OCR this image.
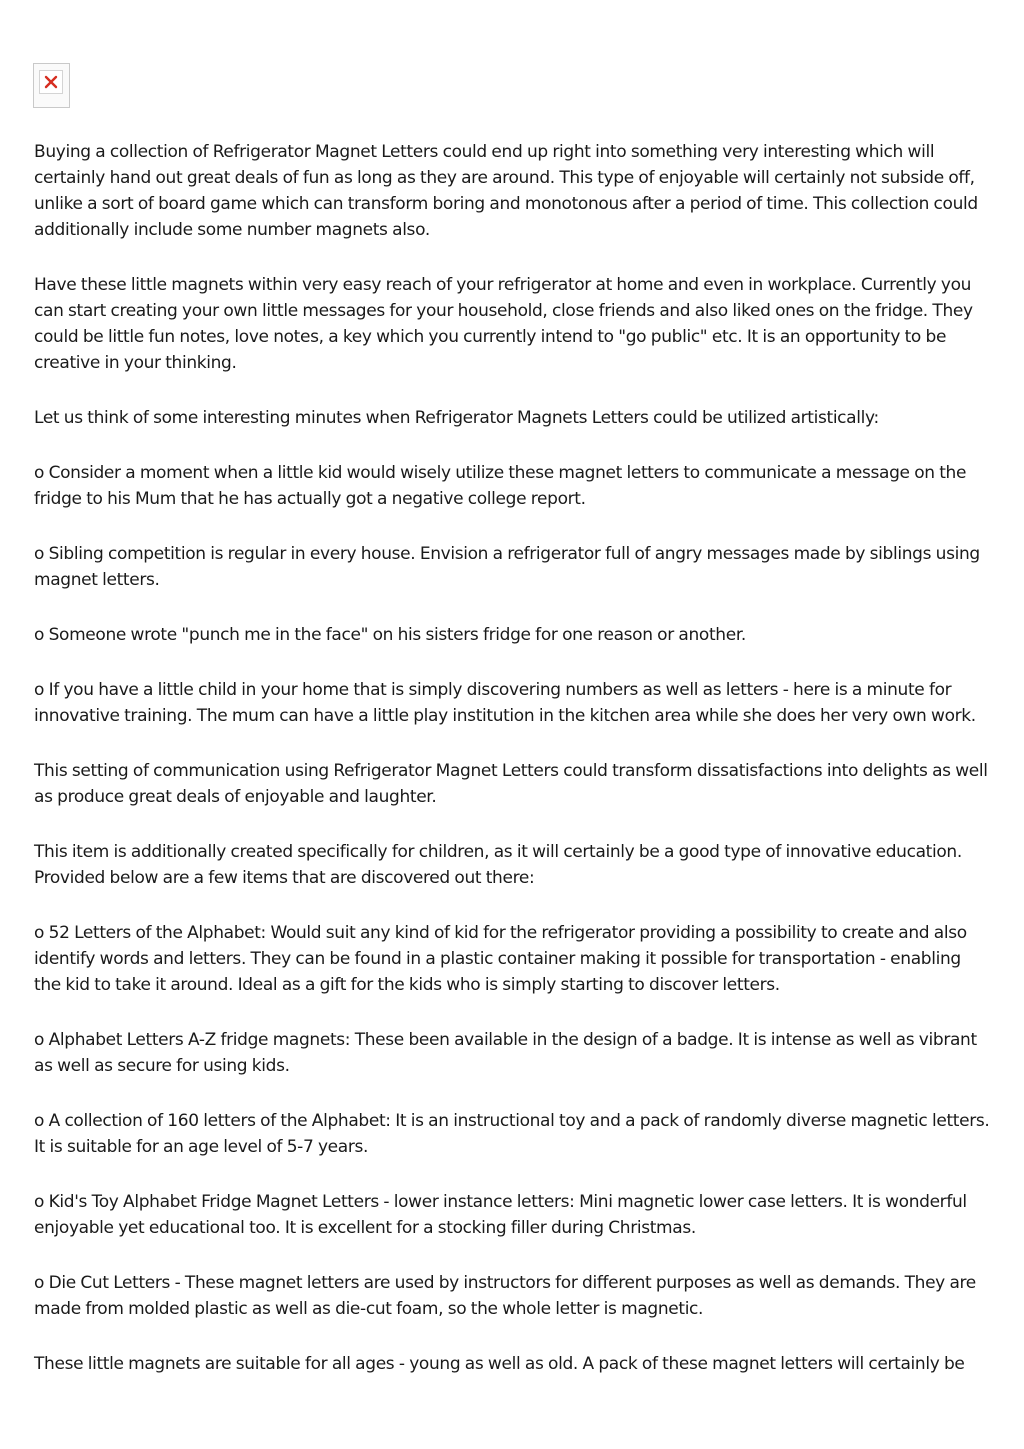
Buying a collection of Refrigerator Magnet Letters could end up right into something very interesting which will certainly hand out great deals of fun as long as they are around. This type of enjoyable will certainly not subside off, unlike a sort of board game which can transform boring and monotonous after a period of time. This collection could additionally include some number magnets also.

Have these little magnets within very easy reach of your refrigerator at home and even in workplace. Currently you can start creating your own little messages for your household, close friends and also liked ones on the fridge. They could be little fun notes, love notes, a key which you currently intend to "go public" etc. It is an opportunity to be creative in your thinking.

Let us think of some interesting minutes when Refrigerator Magnets Letters could be utilized artistically:

o Consider a moment when a little kid would wisely utilize these magnet letters to communicate a message on the fridge to his Mum that he has actually got a negative college report.

o Sibling competition is regular in every house. Envision a refrigerator full of angry messages made by siblings using magnet letters.

o Someone wrote "punch me in the face" on his sisters fridge for one reason or another.

o If you have a little child in your home that is simply discovering numbers as well as letters - here is a minute for innovative training. The mum can have a little play institution in the kitchen area while she does her very own work.

This setting of communication using Refrigerator Magnet Letters could transform dissatisfactions into delights as well as produce great deals of enjoyable and laughter.

This item is additionally created specifically for children, as it will certainly be a good type of innovative education. Provided below are a few items that are discovered out there:

o 52 Letters of the Alphabet: Would suit any kind of kid for the refrigerator providing a possibility to create and also identify words and letters. They can be found in a plastic container making it possible for transportation - enabling the kid to take it around. Ideal as a gift for the kids who is simply starting to discover letters.

o Alphabet Letters A-Z fridge magnets: These been available in the design of a badge. It is intense as well as vibrant as well as secure for using kids.

o A collection of 160 letters of the Alphabet: It is an instructional toy and a pack of randomly diverse magnetic letters. It is suitable for an age level of 5-7 years.

o Kid's Toy Alphabet Fridge Magnet Letters - lower instance letters: Mini magnetic lower case letters. It is wonderful enjoyable yet educational too. It is excellent for a stocking filler during Christmas.

o Die Cut Letters - These magnet letters are used by instructors for different purposes as well as demands. They are made from molded plastic as well as die-cut foam, so the whole letter is magnetic.

These little magnets are suitable for all ages - young as well as old. A pack of these magnet letters will certainly be
